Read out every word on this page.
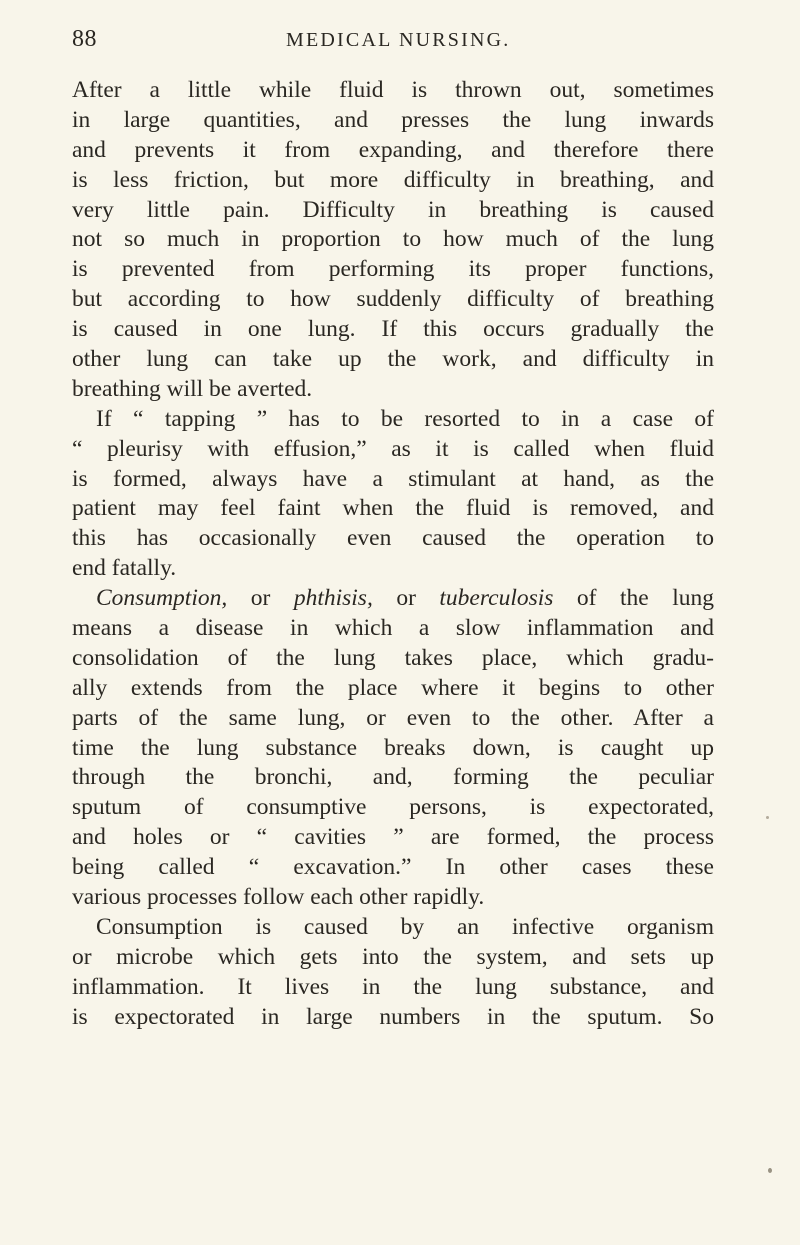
88	MEDICAL NURSING.
After a little while fluid is thrown out, sometimes
in large quantities, and presses the lung inwards
and prevents it from expanding, and therefore there
is less friction, but more difficulty in breathing, and
very little pain. Difficulty in breathing is caused
not so much in proportion to how much of the lung
is prevented from performing its proper functions,
but according to how suddenly difficulty of breathing
is caused in one lung. If this occurs gradually the
other lung can take up the work, and difficulty in
breathing will be averted.
If “ tapping ” has to be resorted to in a case of
“ pleurisy with effusion,” as it is called when fluid
is formed, always have a stimulant at hand, as the
patient may feel faint when the fluid is removed, and
this has occasionally even caused the operation to
end fatally.
Consumption, or phthisis, or tuberculosis of the lung
means a disease in which a slow inflammation and
consolidation of the lung takes place, which gradu-
ally extends from the place where it begins to other
parts of the same lung, or even to the other. After a
time the lung substance breaks down, is caught up
through the bronchi, and, forming the peculiar
sputum of consumptive persons, is expectorated,
and holes or “ cavities ” are formed, the process
being called “ excavation.” In other cases these
various processes follow each other rapidly.
Consumption is caused by an infective organism
or microbe which gets into the system, and sets up
inflammation. It lives in the lung substance, and
is expectorated in large numbers in the sputum. So
